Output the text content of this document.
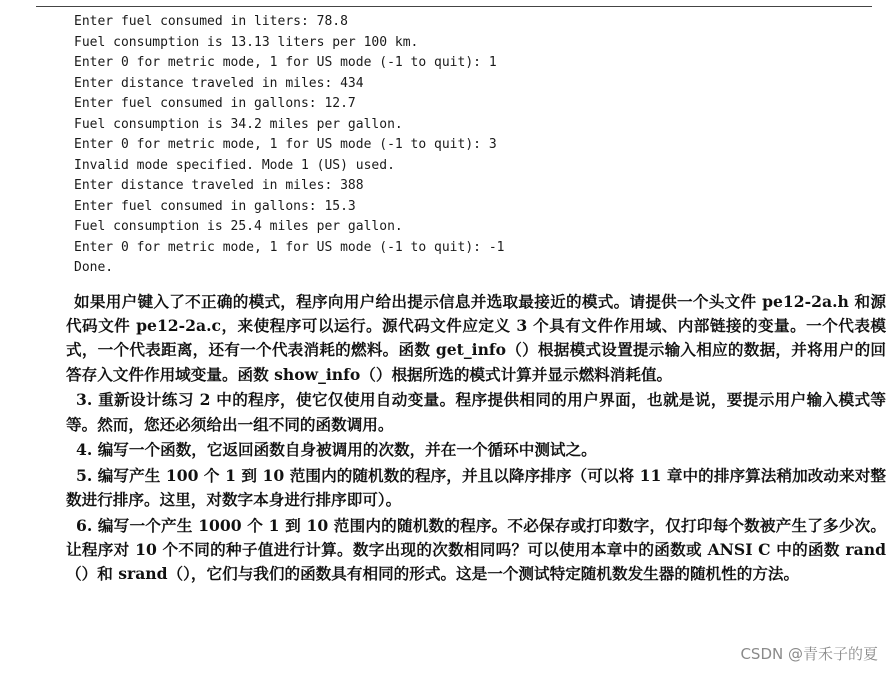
Enter fuel consumed in liters: 78.8
Fuel consumption is 13.13 liters per 100 km.
Enter 0 for metric mode, 1 for US mode (-1 to quit): 1
Enter distance traveled in miles: 434
Enter fuel consumed in gallons: 12.7
Fuel consumption is 34.2 miles per gallon.
Enter 0 for metric mode, 1 for US mode (-1 to quit): 3
Invalid mode specified. Mode 1 (US) used.
Enter distance traveled in miles: 388
Enter fuel consumed in gallons: 15.3
Fuel consumption is 25.4 miles per gallon.
Enter 0 for metric mode, 1 for US mode (-1 to quit): -1
Done.

如果用户键入了不正确的模式，程序向用户给出提示信息并选取最接近的模式。请提供一个头文件 pe12-2a.h 和源代码文件 pe12-2a.c，来使程序可以运行。源代码文件应定义 3 个具有文件作用域、内部链接的变量。一个代表模式，一个代表距离，还有一个代表消耗的燃料。函数 get_info（）根据模式设置提示输入相应的数据，并将用户的回答存入文件作用域变量。函数 show_info（）根据所选的模式计算并显示燃料消耗值。

3. 重新设计练习 2 中的程序，使它仅使用自动变量。程序提供相同的用户界面，也就是说，要提示用户输入模式等等。然而，您还必须给出一组不同的函数调用。

4. 编写一个函数，它返回函数自身被调用的次数，并在一个循环中测试之。

5. 编写产生 100 个 1 到 10 范围内的随机数的程序，并且以降序排序（可以将 11 章中的排序算法稍加改动来对整数进行排序。这里，对数字本身进行排序即可）。

6. 编写一个产生 1000 个 1 到 10 范围内的随机数的程序。不必保存或打印数字，仅打印每个数被产生了多少次。让程序对 10 个不同的种子值进行计算。数字出现的次数相同吗？可以使用本章中的函数或 ANSI C 中的函数 rand（）和 srand（），它们与我们的函数具有相同的形式。这是一个测试特定随机数发生器的随机性的方法。

CSDN @青禾子的夏
